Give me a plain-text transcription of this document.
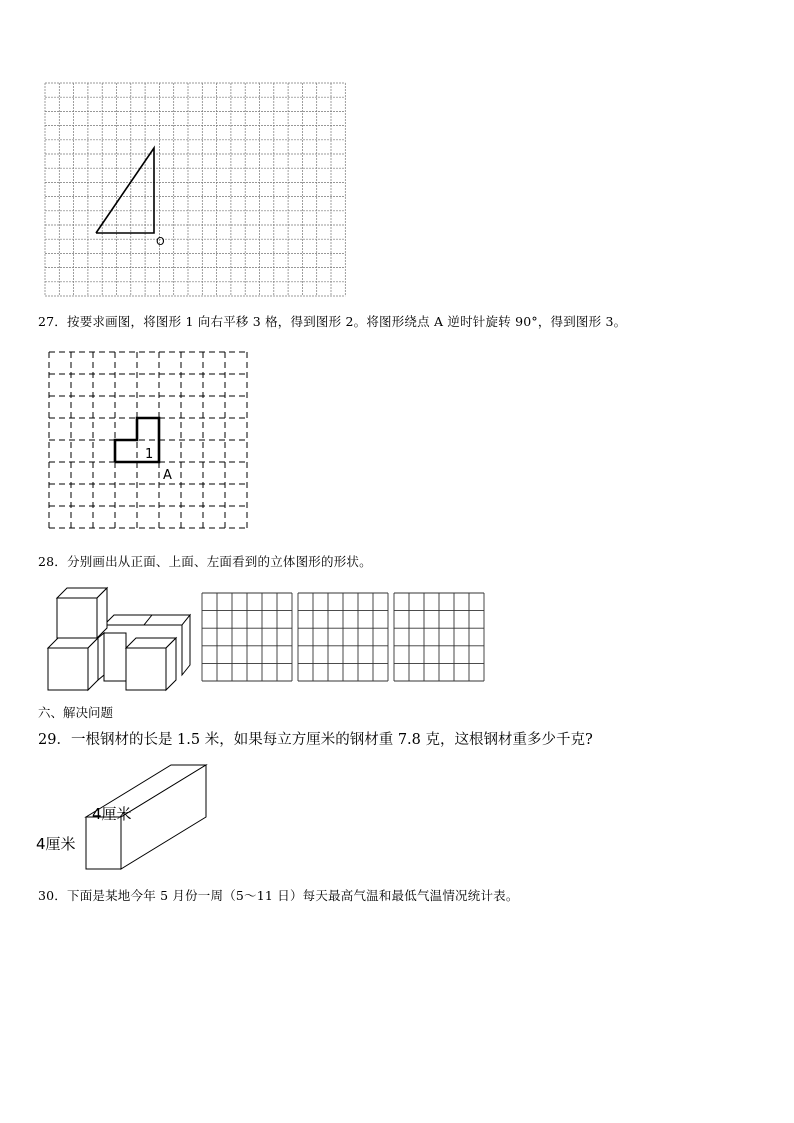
O
27．按要求画图，将图形 1 向右平移 3 格，得到图形 2。将图形绕点 A 逆时针旋转 90°，得到图形 3。
1
A
28．分别画出从正面、上面、左面看到的立体图形的形状。
六、解决问题
29．一根钢材的长是 1.5 米，如果每立方厘米的钢材重 7.8 克，这根钢材重多少千克?
4厘米
4厘米
30．下面是某地今年 5 月份一周（5～11 日）每天最高气温和最低气温情况统计表。
